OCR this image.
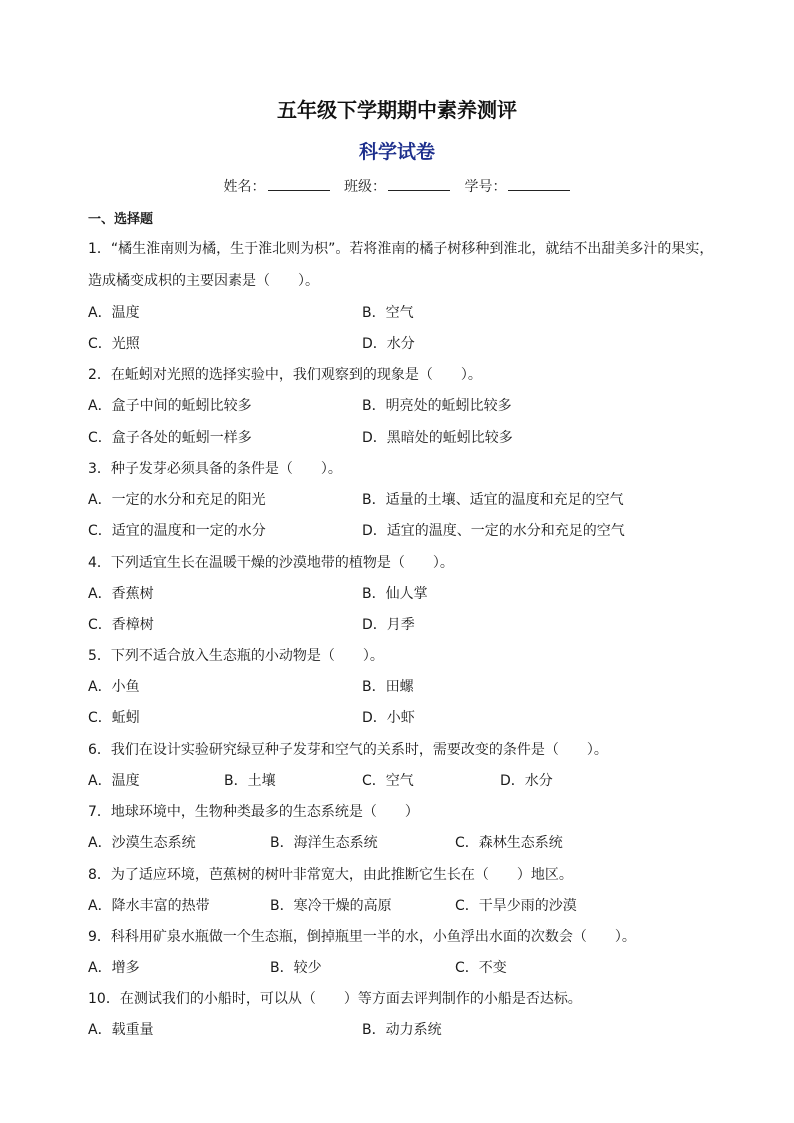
五年级下学期期中素养测评
科学试卷
姓名：	班级：	学号：
一、选择题
1．“橘生淮南则为橘，生于淮北则为枳”。若将淮南的橘子树移种到淮北，就结不出甜美多汁的果实，
造成橘变成枳的主要因素是（　　）。
A．温度	B．空气
C．光照	D．水分
2．在蚯蚓对光照的选择实验中，我们观察到的现象是（　　）。
A．盒子中间的蚯蚓比较多	B．明亮处的蚯蚓比较多
C．盒子各处的蚯蚓一样多	D．黑暗处的蚯蚓比较多
3．种子发芽必须具备的条件是（　　）。
A．一定的水分和充足的阳光	B．适量的土壤、适宜的温度和充足的空气
C．适宜的温度和一定的水分	D．适宜的温度、一定的水分和充足的空气
4．下列适宜生长在温暖干燥的沙漠地带的植物是（　　）。
A．香蕉树	B．仙人掌
C．香樟树	D．月季
5．下列不适合放入生态瓶的小动物是（　　）。
A．小鱼	B．田螺
C．蚯蚓	D．小虾
6．我们在设计实验研究绿豆种子发芽和空气的关系时，需要改变的条件是（　　）。
A．温度	B．土壤	C．空气	D．水分
7．地球环境中，生物种类最多的生态系统是（　　）
A．沙漠生态系统	B．海洋生态系统	C．森林生态系统
8．为了适应环境，芭蕉树的树叶非常宽大，由此推断它生长在（　　）地区。
A．降水丰富的热带	B．寒冷干燥的高原	C．干旱少雨的沙漠
9．科科用矿泉水瓶做一个生态瓶，倒掉瓶里一半的水，小鱼浮出水面的次数会（　　）。
A．增多	B．较少	C．不变
10．在测试我们的小船时，可以从（　　）等方面去评判制作的小船是否达标。
A．载重量	B．动力系统
